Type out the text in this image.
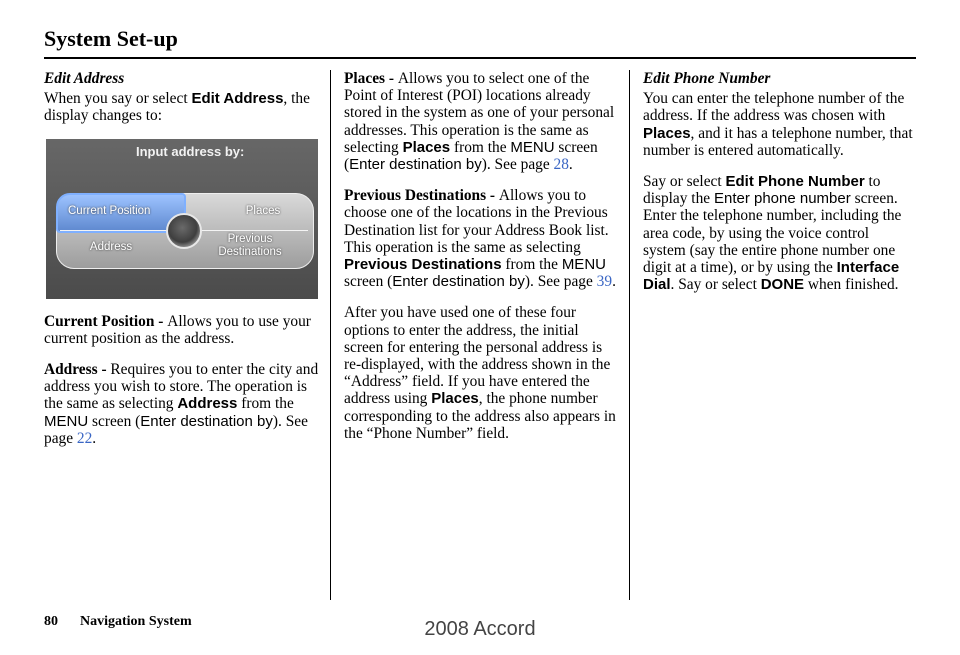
System Set-up

Edit Address

When you say or select Edit Address, the display changes to:

Input address by:
Current Position	Places
Address
Previous Destinations

Current Position - Allows you to use your current position as the address.

Address - Requires you to enter the city and address you wish to store. The operation is the same as selecting Address from the MENU screen (Enter destination by). See page 22.

Places - Allows you to select one of the Point of Interest (POI) locations already stored in the system as one of your personal addresses. This operation is the same as selecting Places from the MENU screen (Enter destination by). See page 28.

Previous Destinations - Allows you to choose one of the locations in the Previous Destination list for your Address Book list. This operation is the same as selecting Previous Destinations from the MENU screen (Enter destination by). See page 39.

After you have used one of these four options to enter the address, the initial screen for entering the personal address is re-displayed, with the address shown in the “Address” field. If you have entered the address using Places, the phone number corresponding to the address also appears in the “Phone Number” field.

Edit Phone Number

You can enter the telephone number of the address. If the address was chosen with Places, and it has a telephone number, that number is entered automatically.

Say or select Edit Phone Number to display the Enter phone number screen. Enter the telephone number, including the area code, by using the voice control system (say the entire phone number one digit at a time), or by using the Interface Dial. Say or select DONE when finished.

80 Navigation System	2008 Accord
